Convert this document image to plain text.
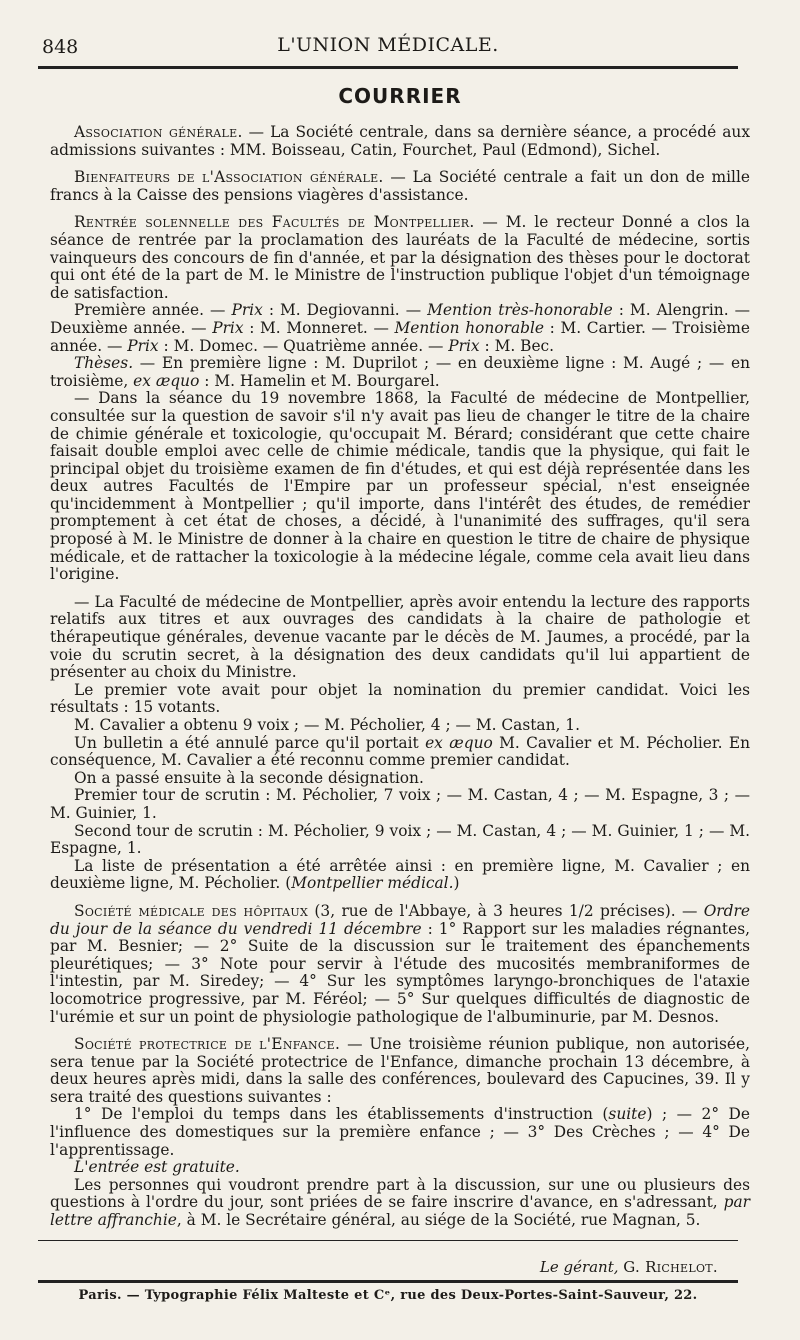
848	L'UNION MÉDICALE.
COURRIER

Association générale. — La Société centrale, dans sa dernière séance, a procédé aux admissions suivantes : MM. Boisseau, Catin, Fourchet, Paul (Edmond), Sichel.

Bienfaiteurs de l'Association générale. — La Société centrale a fait un don de mille francs à la Caisse des pensions viagères d'assistance.

Rentrée solennelle des Facultés de Montpellier. — M. le recteur Donné a clos la séance de rentrée par la proclamation des lauréats de la Faculté de médecine, sortis vainqueurs des concours de fin d'année, et par la désignation des thèses pour le doctorat qui ont été de la part de M. le Ministre de l'instruction publique l'objet d'un témoignage de satisfaction.

Première année. — Prix : M. Degiovanni. — Mention très-honorable : M. Alengrin. — Deuxième année. — Prix : M. Monneret. — Mention honorable : M. Cartier. — Troisième année. — Prix : M. Domec. — Quatrième année. — Prix : M. Bec.

Thèses. — En première ligne : M. Duprilot ; — en deuxième ligne : M. Augé ; — en troisième, ex æquo : M. Hamelin et M. Bourgarel.

— Dans la séance du 19 novembre 1868, la Faculté de médecine de Montpellier, consultée sur la question de savoir s'il n'y avait pas lieu de changer le titre de la chaire de chimie générale et toxicologie, qu'occupait M. Bérard; considérant que cette chaire faisait double emploi avec celle de chimie médicale, tandis que la physique, qui fait le principal objet du troisième examen de fin d'études, et qui est déjà représentée dans les deux autres Facultés de l'Empire par un professeur spécial, n'est enseignée qu'incidemment à Montpellier ; qu'il importe, dans l'intérêt des études, de remédier promptement à cet état de choses, a décidé, à l'unanimité des suffrages, qu'il sera proposé à M. le Ministre de donner à la chaire en question le titre de chaire de physique médicale, et de rattacher la toxicologie à la médecine légale, comme cela avait lieu dans l'origine.

— La Faculté de médecine de Montpellier, après avoir entendu la lecture des rapports relatifs aux titres et aux ouvrages des candidats à la chaire de pathologie et thérapeutique générales, devenue vacante par le décès de M. Jaumes, a procédé, par la voie du scrutin secret, à la désignation des deux candidats qu'il lui appartient de présenter au choix du Ministre.

Le premier vote avait pour objet la nomination du premier candidat. Voici les résultats : 15 votants.

M. Cavalier a obtenu 9 voix ; — M. Pécholier, 4 ; — M. Castan, 1.

Un bulletin a été annulé parce qu'il portait ex æquo M. Cavalier et M. Pécholier. En conséquence, M. Cavalier a été reconnu comme premier candidat.

On a passé ensuite à la seconde désignation.

Premier tour de scrutin : M. Pécholier, 7 voix ; — M. Castan, 4 ; — M. Espagne, 3 ; — M. Guinier, 1.

Second tour de scrutin : M. Pécholier, 9 voix ; — M. Castan, 4 ; — M. Guinier, 1 ; — M. Espagne, 1.

La liste de présentation a été arrêtée ainsi : en première ligne, M. Cavalier ; en deuxième ligne, M. Pécholier. (Montpellier médical.)

Société médicale des hôpitaux (3, rue de l'Abbaye, à 3 heures 1/2 précises). — Ordre du jour de la séance du vendredi 11 décembre : 1° Rapport sur les maladies régnantes, par M. Besnier; — 2° Suite de la discussion sur le traitement des épanchements pleurétiques; — 3° Note pour servir à l'étude des mucosités membraniformes de l'intestin, par M. Siredey; — 4° Sur les symptômes laryngo-bronchiques de l'ataxie locomotrice progressive, par M. Féréol; — 5° Sur quelques difficultés de diagnostic de l'urémie et sur un point de physiologie pathologique de l'albuminurie, par M. Desnos.

Société protectrice de l'Enfance. — Une troisième réunion publique, non autorisée, sera tenue par la Société protectrice de l'Enfance, dimanche prochain 13 décembre, à deux heures après midi, dans la salle des conférences, boulevard des Capucines, 39. Il y sera traité des questions suivantes :

1° De l'emploi du temps dans les établissements d'instruction (suite) ; — 2° De l'influence des domestiques sur la première enfance ; — 3° Des Crèches ; — 4° De l'apprentissage.

L'entrée est gratuite.

Les personnes qui voudront prendre part à la discussion, sur une ou plusieurs des questions à l'ordre du jour, sont priées de se faire inscrire d'avance, en s'adressant, par lettre affranchie, à M. le Secrétaire général, au siége de la Société, rue Magnan, 5.

Le gérant, G. Richelot.
Paris. — Typographie Félix Malteste et Cᵉ, rue des Deux-Portes-Saint-Sauveur, 22.
